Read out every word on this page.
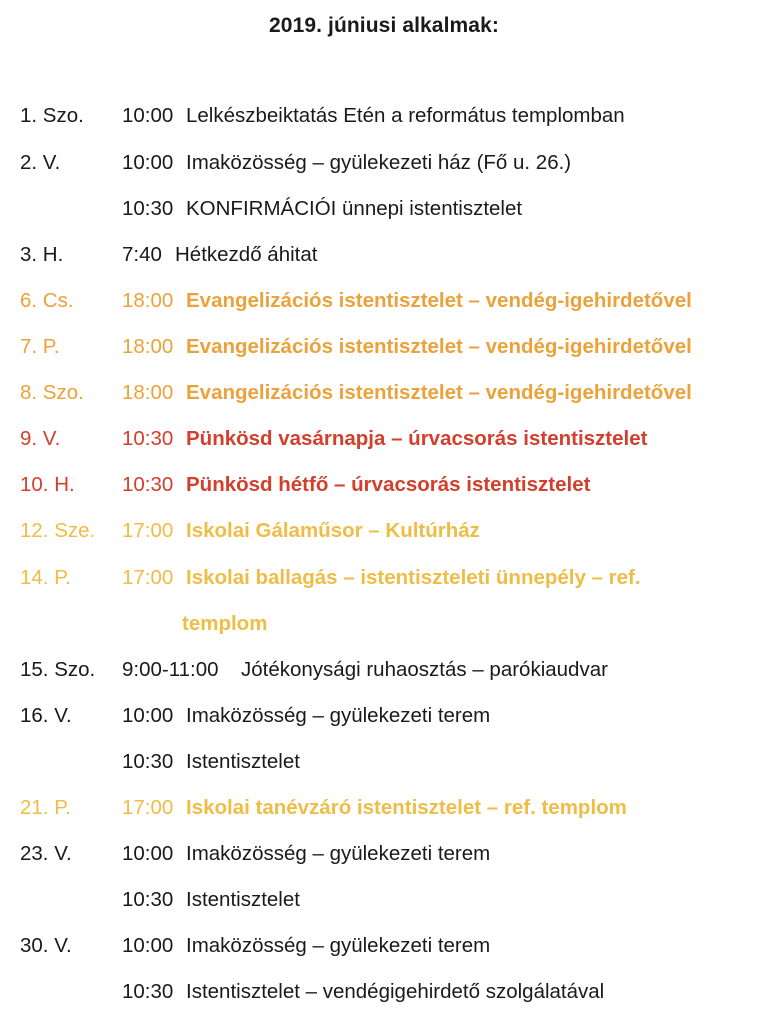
2019. júniusi alkalmak:
1. Szo. 10:00 Lelkészbeiktatás Etén a református templomban
2. V.	10:00 Imaközösség – gyülekezeti ház (Fő u. 26.)
10:30 KONFIRMÁCIÓI ünnepi istentisztelet
3. H.	7:40 Hétkezdő áhitat
6. Cs. 18:00 Evangelizációs istentisztelet – vendég-igehirdetővel
7. P.	18:00 Evangelizációs istentisztelet – vendég-igehirdetővel
8. Szo. 18:00 Evangelizációs istentisztelet – vendég-igehirdetővel
9. V.	10:30 Pünkösd vasárnapja – úrvacsorás istentisztelet
10. H. 10:30 Pünkösd hétfő – úrvacsorás istentisztelet
12. Sze. 17:00 Iskolai Gálaműsor – Kultúrház
14. P. 17:00 Iskolai ballagás – istentiszteleti ünnepély – ref.
templom
15. Szo. 9:00-11:00 Jótékonysági ruhaosztás – parókiaudvar
16. V. 10:00 Imaközösség – gyülekezeti terem
10:30 Istentisztelet
21. P. 17:00 Iskolai tanévzáró istentisztelet – ref. templom
23. V. 10:00 Imaközösség – gyülekezeti terem
10:30 Istentisztelet
30. V. 10:00 Imaközösség – gyülekezeti terem
10:30 Istentisztelet – vendégigehirdető szolgálatával
